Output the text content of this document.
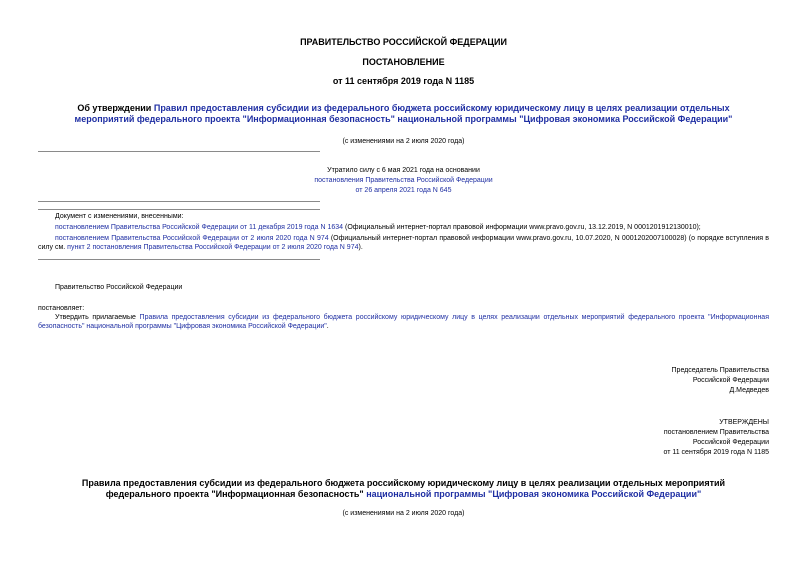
ПРАВИТЕЛЬСТВО РОССИЙСКОЙ ФЕДЕРАЦИИ
ПОСТАНОВЛЕНИЕ
от 11 сентября 2019 года N 1185
Об утверждении Правил предоставления субсидии из федерального бюджета российскому юридическому лицу в целях реализации отдельных мероприятий федерального проекта "Информационная безопасность" национальной программы "Цифровая экономика Российской Федерации"
(с изменениями на 2 июля 2020 года)
Утратило силу с 6 мая 2021 года на основании
постановления Правительства Российской Федерации
от 26 апреля 2021 года N 645
Документ с изменениями, внесенными:
постановлением Правительства Российской Федерации от 11 декабря 2019 года N 1634 (Официальный интернет-портал правовой информации www.pravo.gov.ru, 13.12.2019, N 0001201912130010);
постановлением Правительства Российской Федерации от 2 июля 2020 года N 974 (Официальный интернет-портал правовой информации www.pravo.gov.ru, 10.07.2020, N 0001202007100028) (о порядке вступления в силу см. пункт 2 постановления Правительства Российской Федерации от 2 июля 2020 года N 974).
Правительство Российской Федерации
постановляет:
Утвердить прилагаемые Правила предоставления субсидии из федерального бюджета российскому юридическому лицу в целях реализации отдельных мероприятий федерального проекта "Информационная безопасность" национальной программы "Цифровая экономика Российской Федерации".
Председатель Правительства
Российской Федерации
Д.Медведев
УТВЕРЖДЕНЫ
постановлением Правительства
Российской Федерации
от 11 сентября 2019 года N 1185
Правила предоставления субсидии из федерального бюджета российскому юридическому лицу в целях реализации отдельных мероприятий федерального проекта "Информационная безопасность" национальной программы "Цифровая экономика Российской Федерации"
(с изменениями на 2 июля 2020 года)
